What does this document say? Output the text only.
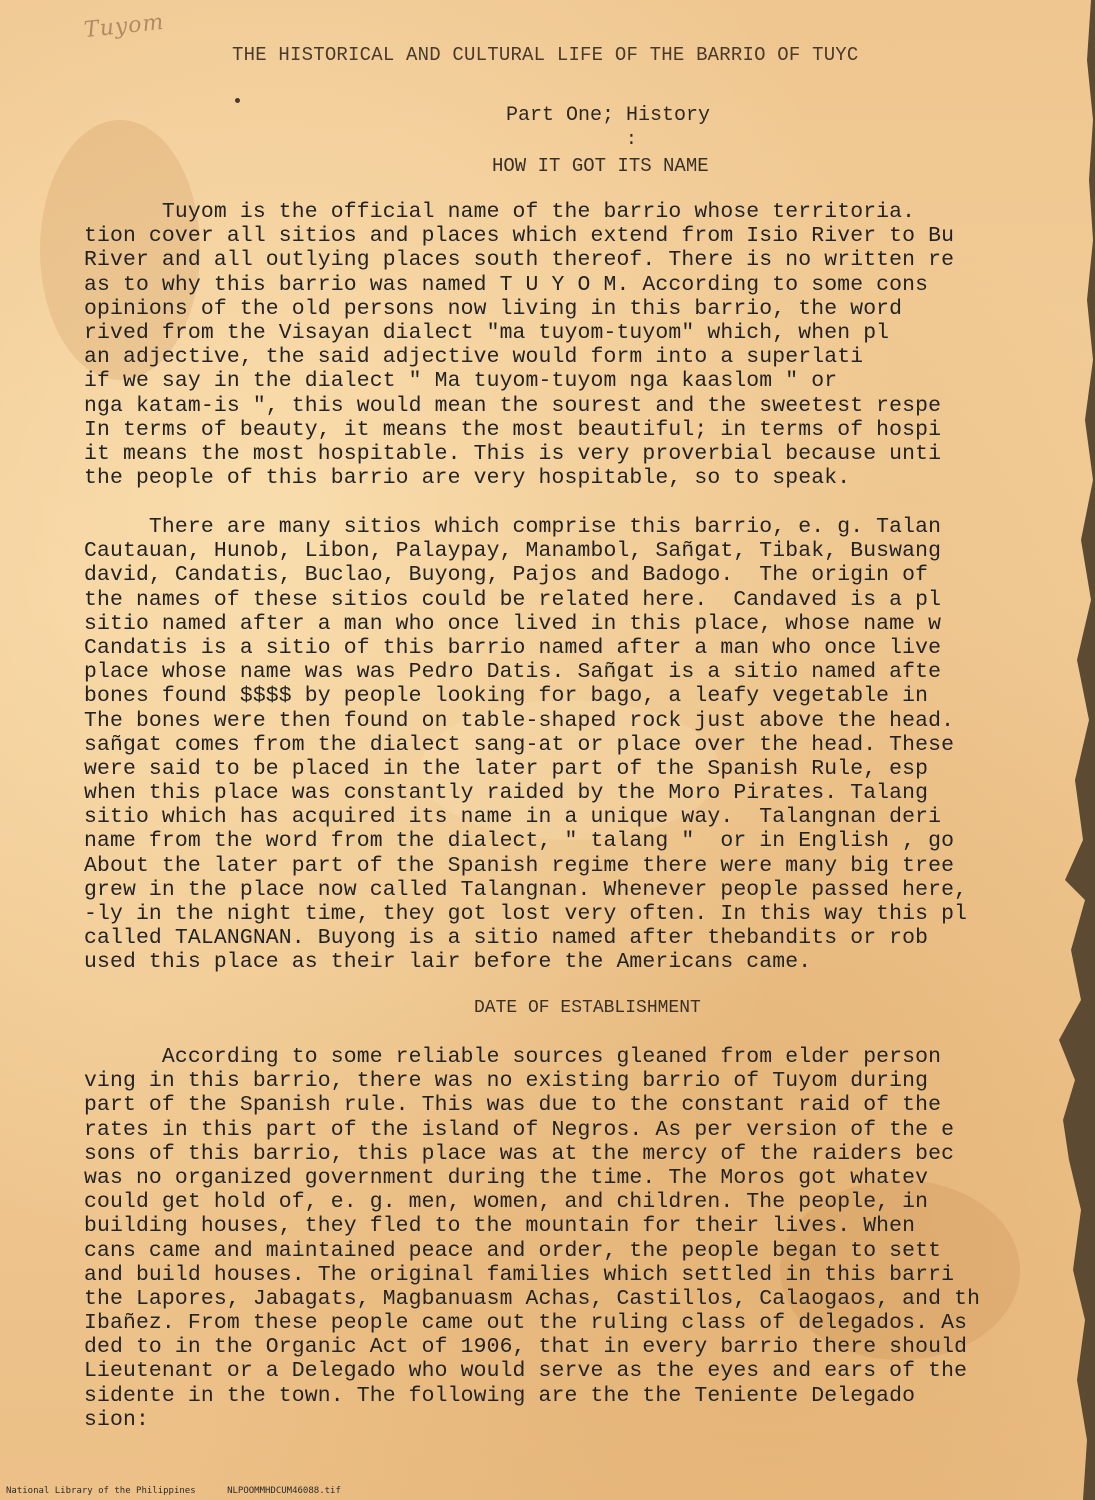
Tuyom
THE HISTORICAL AND CULTURAL LIFE OF THE BARRIO OF TUYC
Part One; History
:
HOW IT GOT ITS NAME
Tuyom is the official name of the barrio whose territoria.
tion cover all sitios and places which extend from Isio River to Bu
River and all outlying places south thereof. There is no written re
as to why this barrio was named T U Y O M. According to some cons
opinions of the old persons now living in this barrio, the word
rived from the Visayan dialect "ma tuyom-tuyom" which, when pl
an adjective, the said adjective would form into a superlati
if we say in the dialect " Ma tuyom-tuyom nga kaaslom " or
nga katam-is ", this would mean the sourest and the sweetest respe
In terms of beauty, it means the most beautiful; in terms of hospi
it means the most hospitable. This is very proverbial because unti
the people of this barrio are very hospitable, so to speak.
There are many sitios which comprise this barrio, e. g. Talan
Cautauan, Hunob, Libon, Palaypay, Manambol, Sañgat, Tibak, Buswang
david, Candatis, Buclao, Buyong, Pajos and Badogo.  The origin of
the names of these sitios could be related here.  Candaved is a pl
sitio named after a man who once lived in this place, whose name w
Candatis is a sitio of this barrio named after a man who once live
place whose name was was Pedro Datis. Sañgat is a sitio named afte
bones found $$$$ by people looking for bago, a leafy vegetable in
The bones were then found on table-shaped rock just above the head.
sañgat comes from the dialect sang-at or place over the head. These
were said to be placed in the later part of the Spanish Rule, esp
when this place was constantly raided by the Moro Pirates. Talang
sitio which has acquired its name in a unique way.  Talangnan deri
name from the word from the dialect, " talang "  or in English , go
About the later part of the Spanish regime there were many big tree
grew in the place now called Talangnan. Whenever people passed here,
-ly in the night time, they got lost very often. In this way this pl
called TALANGNAN. Buyong is a sitio named after thebandits or rob
used this place as their lair before the Americans came.
DATE OF ESTABLISHMENT
According to some reliable sources gleaned from elder person
ving in this barrio, there was no existing barrio of Tuyom during
part of the Spanish rule. This was due to the constant raid of the
rates in this part of the island of Negros. As per version of the e
sons of this barrio, this place was at the mercy of the raiders bec
was no organized government during the time. The Moros got whatev
could get hold of, e. g. men, women, and children. The people, in
building houses, they fled to the mountain for their lives. When
cans came and maintained peace and order, the people began to sett
and build houses. The original families which settled in this barri
the Lapores, Jabagats, Magbanuasm Achas, Castillos, Calaogaos, and th
Ibañez. From these people came out the ruling class of delegados. As
ded to in the Organic Act of 1906, that in every barrio there should
Lieutenant or a Delegado who would serve as the eyes and ears of the
sidente in the town. The following are the the Teniente Delegado
sion:
National Library of the Philippines	NLPOOMMHDCUM46088.tif
